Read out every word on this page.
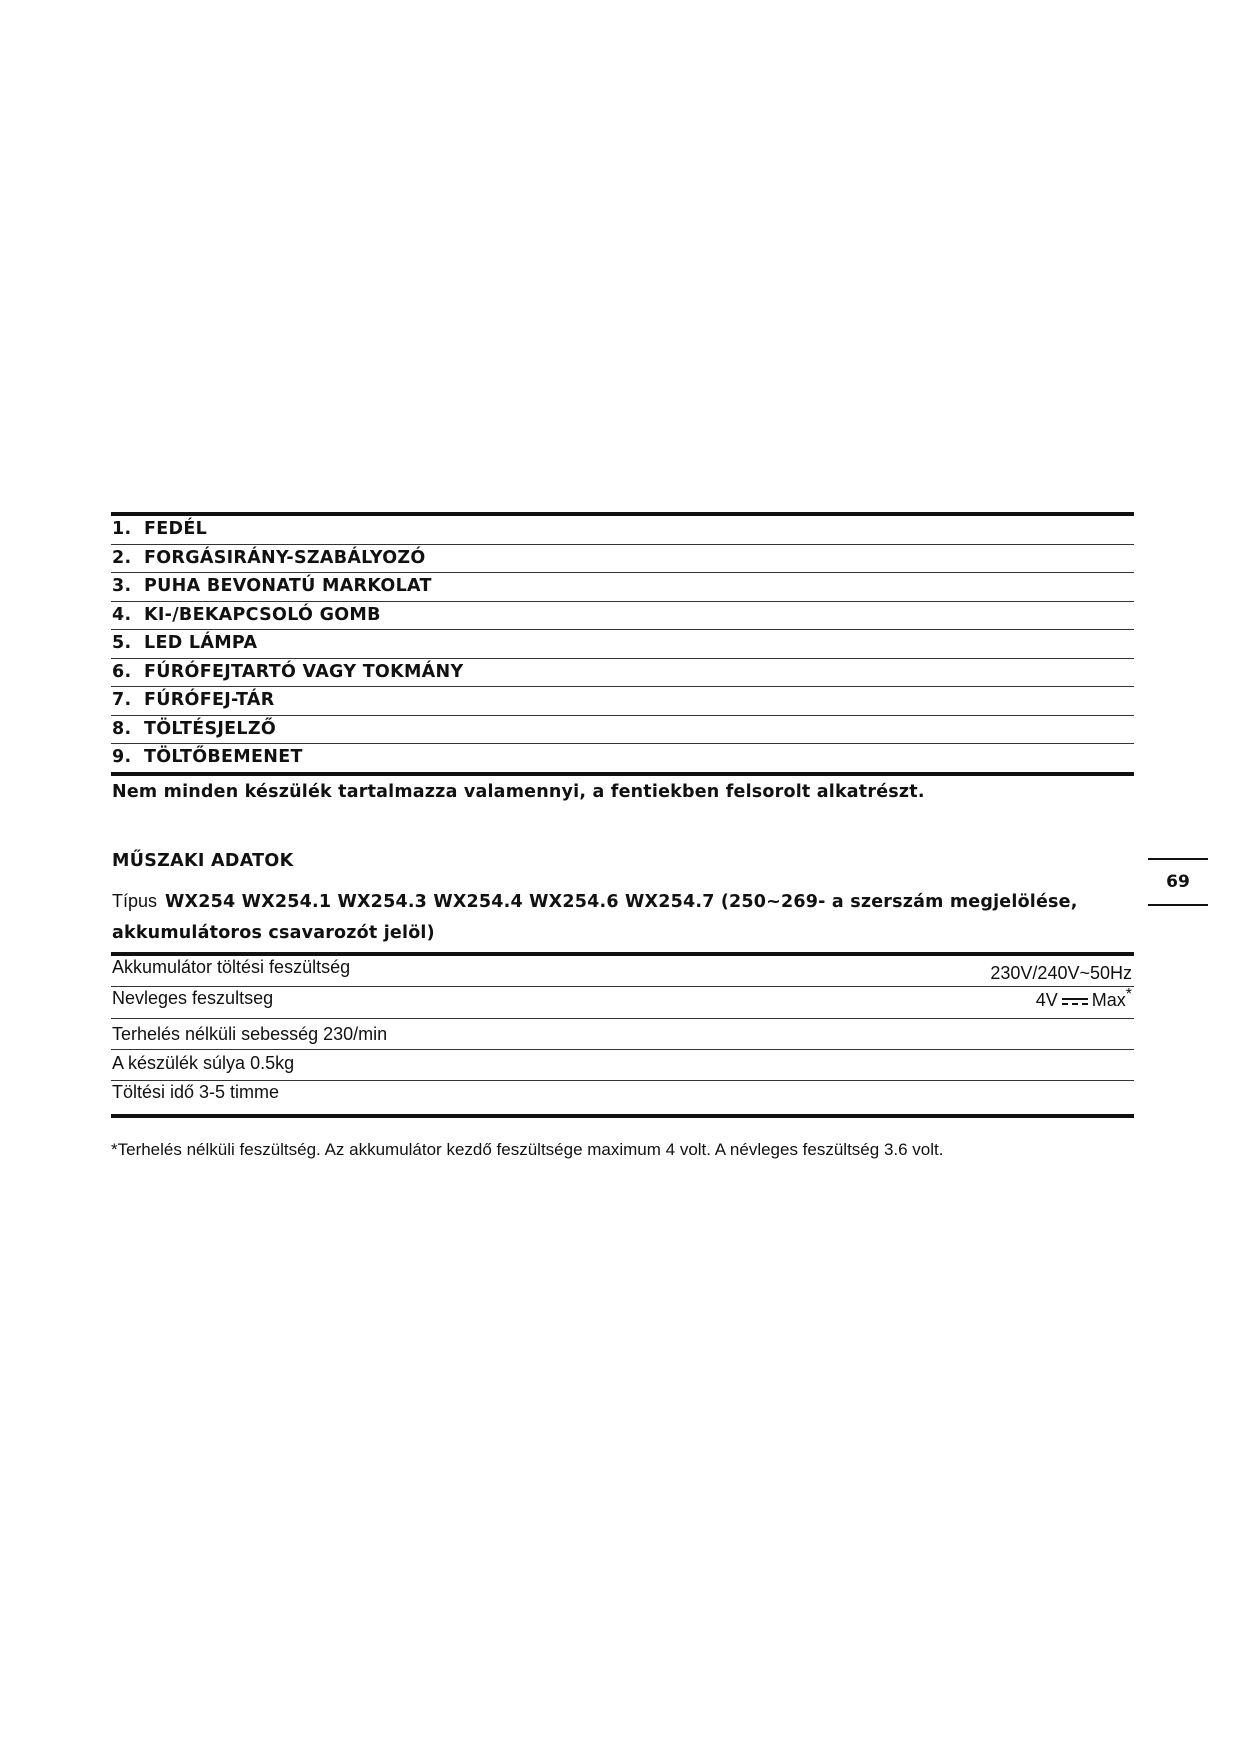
1. FEDÉL
2. FORGÁSIRÁNY-SZABÁLYOZÓ
3. PUHA BEVONATÚ MARKOLAT
4. KI-/BEKAPCSOLÓ GOMB
5. LED LÁMPA
6. FÚRÓFEJTARTÓ VAGY TOKMÁNY
7. FÚRÓFEJ-TÁR
8. TÖLTÉSJELZŐ
9. TÖLTŐBEMENET
Nem minden készülék tartalmazza valamennyi, a fentiekben felsorolt alkatrészt.
MŰSZAKI ADATOK
Típus WX254 WX254.1 WX254.3 WX254.4 WX254.6 WX254.7 (250~269- a szerszám megjelölése, akkumulátoros csavarozót jelöl)
Akkumulátor töltési feszültség	230V/240V~50Hz
Nevleges feszultseg	4V Max*
Terhelés nélküli sebesség 230/min
A készülék súlya 0.5kg
Töltési idő 3-5 timme
*Terhelés nélküli feszültség. Az akkumulátor kezdő feszültsége maximum 4 volt. A névleges feszültség 3.6 volt.
69
